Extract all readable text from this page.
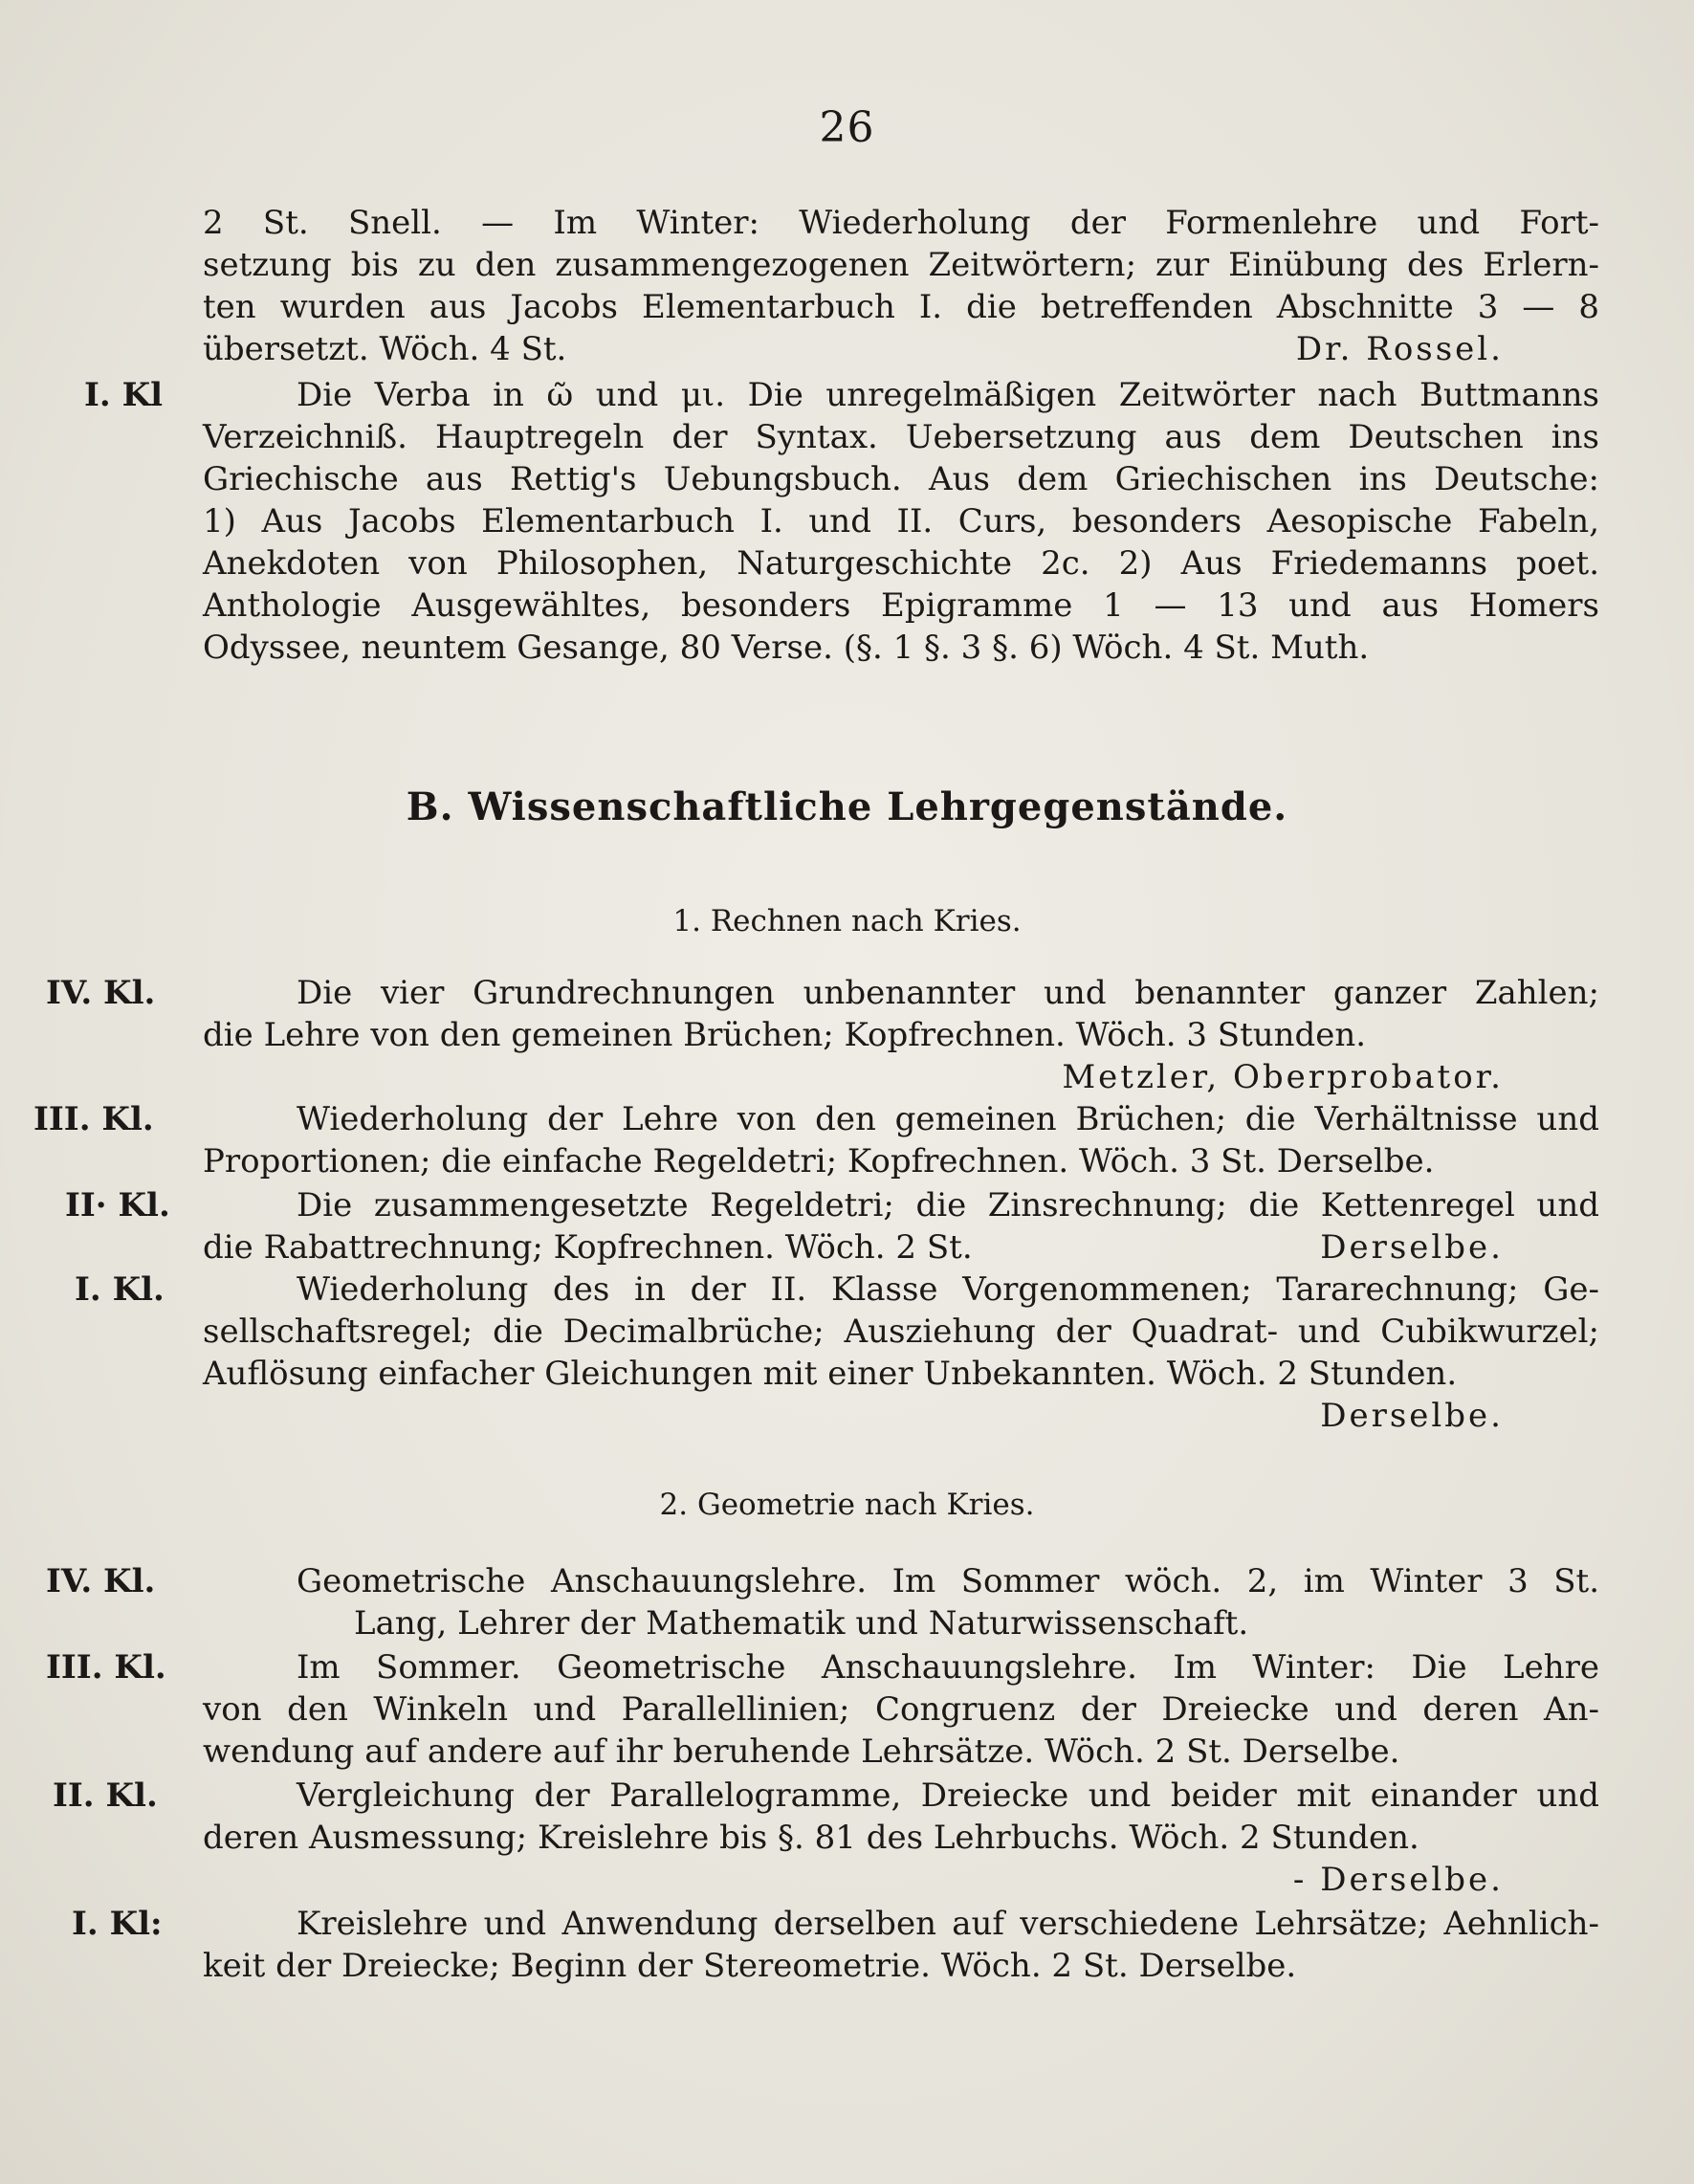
26
2 St. Snell. — Im Winter: Wiederholung der Formenlehre und Fort-
setzung bis zu den zusammengezogenen Zeitwörtern; zur Einübung des Erlern-
ten wurden aus Jacobs Elementarbuch I. die betreffenden Abschnitte 3 — 8
übersetzt. Wöch. 4 St.	Dr. Rossel.
I. Kl	Die Verba in ῶ und μι. Die unregelmäßigen Zeitwörter nach Buttmanns
Verzeichniß. Hauptregeln der Syntax. Uebersetzung aus dem Deutschen ins
Griechische aus Rettig's Uebungsbuch. Aus dem Griechischen ins Deutsche:
1) Aus Jacobs Elementarbuch I. und II. Curs, besonders Aesopische Fabeln,
Anekdoten von Philosophen, Naturgeschichte 2c. 2) Aus Friedemanns poet.
Anthologie Ausgewähltes, besonders Epigramme 1 — 13 und aus Homers
Odyssee, neuntem Gesange, 80 Verse. (§. 1 §. 3 §. 6) Wöch. 4 St. Muth.
B. Wissenschaftliche Lehrgegenstände.
1. Rechnen nach Kries.
IV. Kl.	Die vier Grundrechnungen unbenannter und benannter ganzer Zahlen;
die Lehre von den gemeinen Brüchen; Kopfrechnen. Wöch. 3 Stunden.
Metzler, Oberprobator.
III. Kl.	Wiederholung der Lehre von den gemeinen Brüchen; die Verhältnisse und
Proportionen; die einfache Regeldetri; Kopfrechnen. Wöch. 3 St. Derselbe.
II· Kl.	Die zusammengesetzte Regeldetri; die Zinsrechnung; die Kettenregel und
die Rabattrechnung; Kopfrechnen. Wöch. 2 St.	Derselbe.
I. Kl.	Wiederholung des in der II. Klasse Vorgenommenen; Tararechnung; Ge-
sellschaftsregel; die Decimalbrüche; Ausziehung der Quadrat- und Cubikwurzel;
Auflösung einfacher Gleichungen mit einer Unbekannten. Wöch. 2 Stunden.
Derselbe.
2. Geometrie nach Kries.
IV. Kl.	Geometrische Anschauungslehre. Im Sommer wöch. 2, im Winter 3 St.
Lang, Lehrer der Mathematik und Naturwissenschaft.
III. Kl.	Im Sommer. Geometrische Anschauungslehre. Im Winter: Die Lehre
von den Winkeln und Parallellinien; Congruenz der Dreiecke und deren An-
wendung auf andere auf ihr beruhende Lehrsätze. Wöch. 2 St. Derselbe.
II. Kl.	Vergleichung der Parallelogramme, Dreiecke und beider mit einander und
deren Ausmessung; Kreislehre bis §. 81 des Lehrbuchs. Wöch. 2 Stunden.
- Derselbe.
I. Kl:	Kreislehre und Anwendung derselben auf verschiedene Lehrsätze; Aehnlich-
keit der Dreiecke; Beginn der Stereometrie. Wöch. 2 St. Derselbe.
